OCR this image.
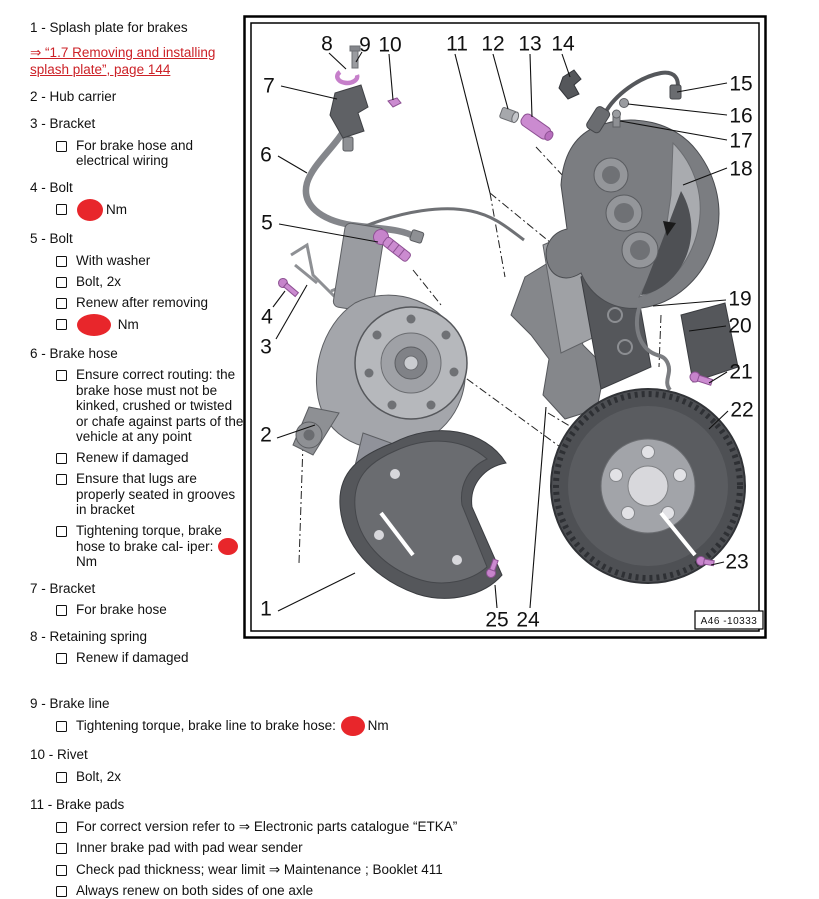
1 - Splash plate for brakes
⇒ “1.7 Removing and installing splash plate”, page 144
2 - Hub carrier
3 - Bracket
For brake hose and electrical wiring
4 - Bolt
Nm
5 - Bolt
With washer
Bolt, 2x
Renew after removing
Nm
6 - Brake hose
Ensure correct routing: the brake hose must not be kinked, crushed or twisted or chafe against parts of the vehicle at any point
Renew if damaged
Ensure that lugs are properly seated in grooves in bracket
Tightening torque, brake hose to brake cal- iper:  Nm
7 - Bracket
For brake hose
8 - Retaining spring
Renew if damaged
9 - Brake line
Tightening torque, brake line to brake hose: Nm
10 - Rivet
Bolt, 2x
11 - Brake pads
For correct version refer to ⇒ Electronic parts catalogue “ETKA”
Inner brake pad with pad wear sender
Check pad thickness; wear limit ⇒ Maintenance ; Booklet 411
Always renew on both sides of one axle
1
2
3
4
5
6
7
8 9 10 11 12 13 14
15
16
17
18
19
20
21
22
23
24
25	A46 -10333
